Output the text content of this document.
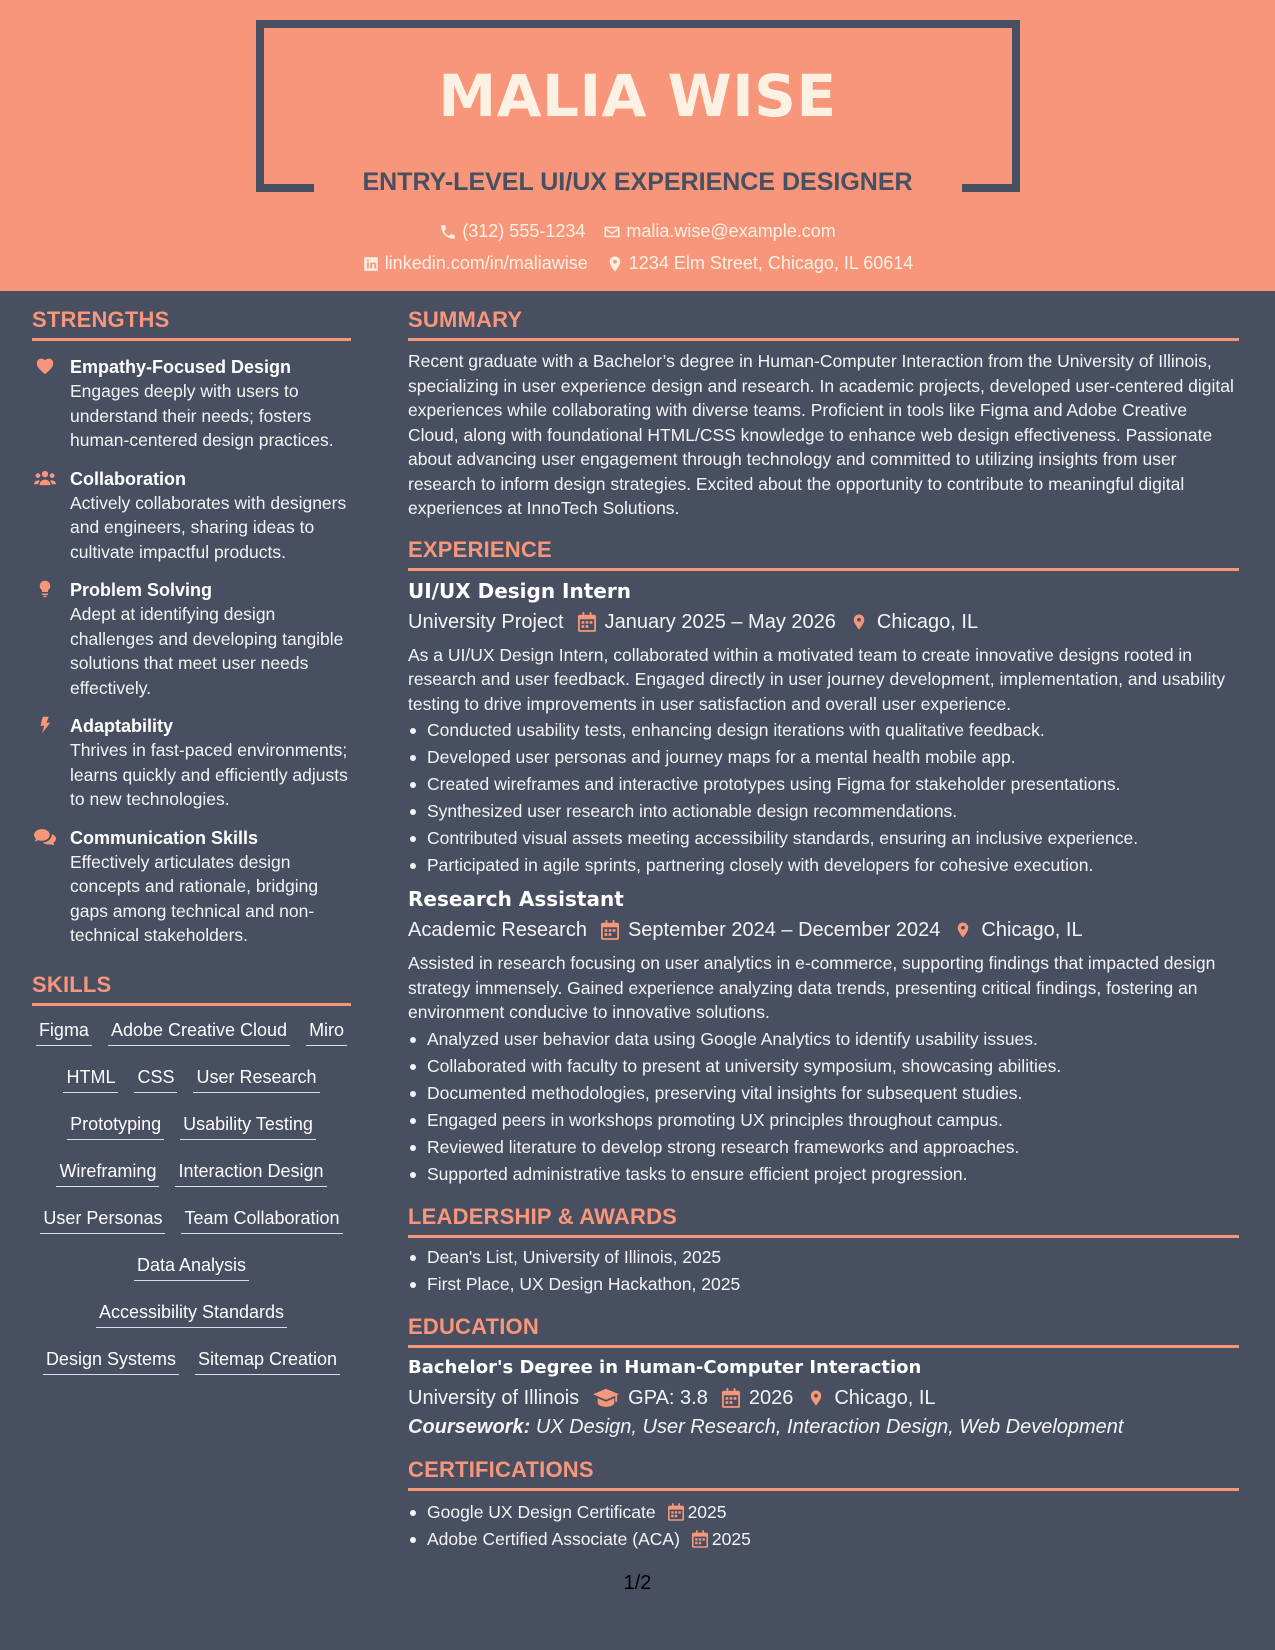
MALIA WISE
ENTRY-LEVEL UI/UX EXPERIENCE DESIGNER
(312) 555-1234 malia.wise@example.com
linkedin.com/in/maliawise 1234 Elm Street, Chicago, IL 60614
STRENGTHS
Empathy-Focused Design
Engages deeply with users to understand their needs; fosters human-centered design practices.
Collaboration
Actively collaborates with designers and engineers, sharing ideas to cultivate impactful products.
Problem Solving
Adept at identifying design challenges and developing tangible solutions that meet user needs effectively.
Adaptability
Thrives in fast-paced environments; learns quickly and efficiently adjusts to new technologies.
Communication Skills
Effectively articulates design concepts and rationale, bridging gaps among technical and non-technical stakeholders.
SKILLS
Figma Adobe Creative Cloud Miro
HTML CSS User Research
Prototyping Usability Testing
Wireframing Interaction Design
User Personas Team Collaboration
Data Analysis
Accessibility Standards
Design Systems Sitemap Creation
SUMMARY
Recent graduate with a Bachelor’s degree in Human-Computer Interaction from the University of Illinois, specializing in user experience design and research. In academic projects, developed user-centered digital experiences while collaborating with diverse teams. Proficient in tools like Figma and Adobe Creative Cloud, along with foundational HTML/CSS knowledge to enhance web design effectiveness. Passionate about advancing user engagement through technology and committed to utilizing insights from user research to inform design strategies. Excited about the opportunity to contribute to meaningful digital experiences at InnoTech Solutions.
EXPERIENCE
UI/UX Design Intern
University Project January 2025 – May 2026 Chicago, IL
As a UI/UX Design Intern, collaborated within a motivated team to create innovative designs rooted in research and user feedback. Engaged directly in user journey development, implementation, and usability testing to drive improvements in user satisfaction and overall user experience.
Conducted usability tests, enhancing design iterations with qualitative feedback.
Developed user personas and journey maps for a mental health mobile app.
Created wireframes and interactive prototypes using Figma for stakeholder presentations.
Synthesized user research into actionable design recommendations.
Contributed visual assets meeting accessibility standards, ensuring an inclusive experience.
Participated in agile sprints, partnering closely with developers for cohesive execution.
Research Assistant
Academic Research September 2024 – December 2024 Chicago, IL
Assisted in research focusing on user analytics in e-commerce, supporting findings that impacted design strategy immensely. Gained experience analyzing data trends, presenting critical findings, fostering an environment conducive to innovative solutions.
Analyzed user behavior data using Google Analytics to identify usability issues.
Collaborated with faculty to present at university symposium, showcasing abilities.
Documented methodologies, preserving vital insights for subsequent studies.
Engaged peers in workshops promoting UX principles throughout campus.
Reviewed literature to develop strong research frameworks and approaches.
Supported administrative tasks to ensure efficient project progression.
LEADERSHIP & AWARDS
Dean's List, University of Illinois, 2025
First Place, UX Design Hackathon, 2025
EDUCATION
Bachelor's Degree in Human-Computer Interaction
University of Illinois GPA: 3.8 2026 Chicago, IL
Coursework: UX Design, User Research, Interaction Design, Web Development
CERTIFICATIONS
Google UX Design Certificate 2025
Adobe Certified Associate (ACA) 2025
1/2
